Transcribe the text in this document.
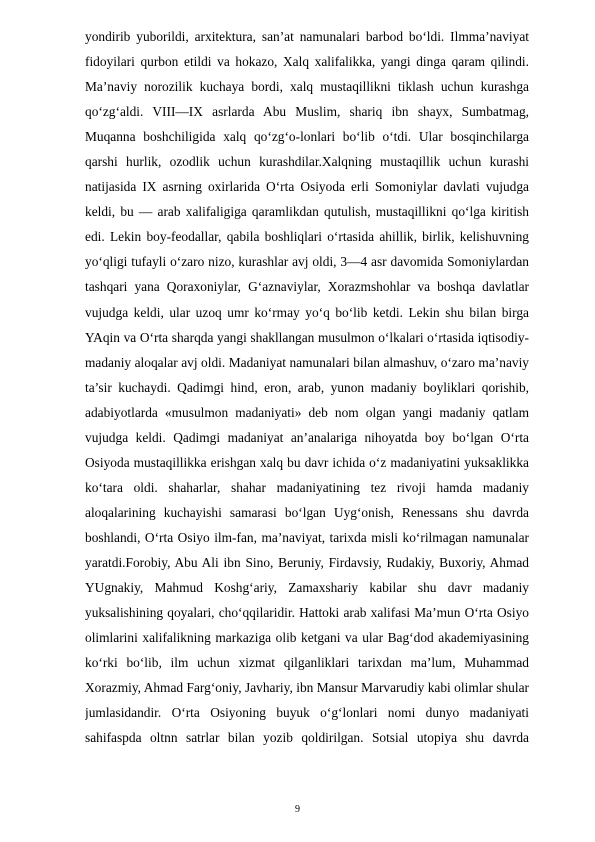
yondirib yuborildi, arxitektura, san’at namunalari barbod bo‘ldi. Ilmma’naviyat
fidoyilari qurbon etildi va hokazo, Xalq xalifalikka, yangi dinga qaram qilindi.
Ma’naviy norozilik kuchaya bordi, xalq mustaqillikni tiklash uchun kurashga
qo‘zg‘aldi. VIII—IX asrlarda Abu Muslim, shariq ibn shayx, Sumbatmag,
Muqanna boshchiligida xalq qo‘zg‘o-lonlari bo‘lib o‘tdi. Ular bosqinchilarga
qarshi hurlik, ozodlik uchun kurashdilar.Xalqning mustaqillik uchun kurashi
natijasida IX asrning oxirlarida O‘rta Osiyoda erli Somoniylar davlati vujudga
keldi, bu — arab xalifaligiga qaramlikdan qutulish, mustaqillikni qo‘lga kiritish
edi. Lekin boy-feodallar, qabila boshliqlari o‘rtasida ahillik, birlik, kelishuvning
yo‘qligi tufayli o‘zaro nizo, kurashlar avj oldi, 3—4 asr davomida Somoniylardan
tashqari yana Qoraxoniylar, G‘aznaviylar, Xorazmshohlar va boshqa davlatlar
vujudga keldi, ular uzoq umr ko‘rmay yo‘q bo‘lib ketdi. Lekin shu bilan birga
YAqin va O‘rta sharqda yangi shakllangan musulmon o‘lkalari o‘rtasida iqtisodiy-
madaniy aloqalar avj oldi. Madaniyat namunalari bilan almashuv, o‘zaro ma’naviy
ta’sir kuchaydi. Qadimgi hind, eron, arab, yunon madaniy boyliklari qorishib,
adabiyotlarda «musulmon madaniyati» deb nom olgan yangi madaniy qatlam
vujudga keldi. Qadimgi madaniyat an’analariga nihoyatda boy bo‘lgan O‘rta
Osiyoda mustaqillikka erishgan xalq bu davr ichida o‘z madaniyatini yuksaklikka
ko‘tara oldi. shaharlar, shahar madaniyatining tez rivoji hamda madaniy
aloqalarining kuchayishi samarasi bo‘lgan Uyg‘onish, Renessans shu davrda
boshlandi, O‘rta Osiyo ilm-fan, ma’naviyat, tarixda misli ko‘rilmagan namunalar
yaratdi.Forobiy, Abu Ali ibn Sino, Beruniy, Firdavsiy, Rudakiy, Buxoriy, Ahmad
YUgnakiy, Mahmud Koshg‘ariy, Zamaxshariy kabilar shu davr madaniy
yuksalishining qoyalari, cho‘qqilaridir. Hattoki arab xalifasi Ma’mun O‘rta Osiyo
olimlarini xalifalikning markaziga olib ketgani va ular Bag‘dod akademiyasining
ko‘rki bo‘lib, ilm uchun xizmat qilganliklari tarixdan ma’lum, Muhammad
Xorazmiy, Ahmad Farg‘oniy, Javhariy, ibn Mansur Marvarudiy kabi olimlar shular
jumlasidandir. O‘rta Osiyoning buyuk o‘g‘lonlari nomi dunyo madaniyati
sahifaspda oltnn satrlar bilan yozib qoldirilgan. Sotsial utopiya shu davrda
9
